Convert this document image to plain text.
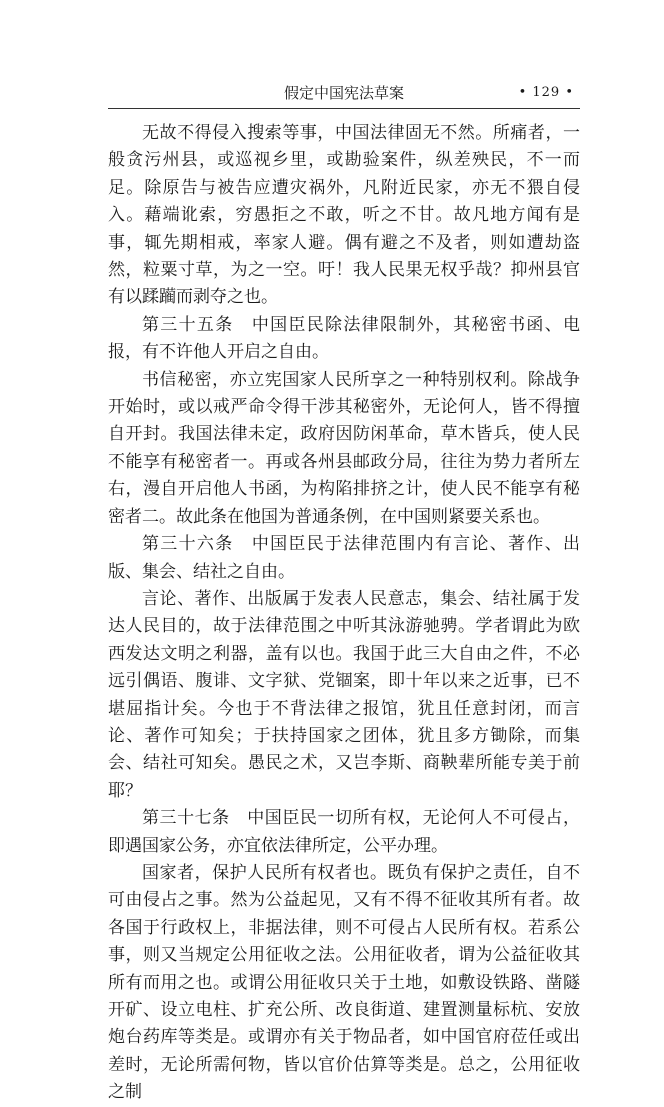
假定中国宪法草案	• 129 •

无故不得侵入搜索等事，中国法律固无不然。所痛者，一般贪污州县，或巡视乡里，或勘验案件，纵差殃民，不一而足。除原告与被告应遭灾祸外，凡附近民家，亦无不猥自侵入。藉端讹索，穷愚拒之不敢，听之不甘。故凡地方闻有是事，辄先期相戒，率家人避。偶有避之不及者，则如遭劫盗然，粒粟寸草，为之一空。吁！我人民果无权乎哉？抑州县官有以蹂躏而剥夺之也。

第三十五条　中国臣民除法律限制外，其秘密书函、电报，有不许他人开启之自由。

书信秘密，亦立宪国家人民所享之一种特别权利。除战争开始时，或以戒严命令得干涉其秘密外，无论何人，皆不得擅自开封。我国法律未定，政府因防闲革命，草木皆兵，使人民不能享有秘密者一。再或各州县邮政分局，往往为势力者所左右，漫自开启他人书函，为构陷排挤之计，使人民不能享有秘密者二。故此条在他国为普通条例，在中国则紧要关系也。

第三十六条　中国臣民于法律范围内有言论、著作、出版、集会、结社之自由。

言论、著作、出版属于发表人民意志，集会、结社属于发达人民目的，故于法律范围之中听其泳游驰骋。学者谓此为欧西发达文明之利器，盖有以也。我国于此三大自由之件，不必远引偶语、腹诽、文字狱、党锢案，即十年以来之近事，已不堪屈指计矣。今也于不背法律之报馆，犹且任意封闭，而言论、著作可知矣；于扶持国家之团体，犹且多方锄除，而集会、结社可知矣。愚民之术，又岂李斯、商鞅辈所能专美于前耶？

第三十七条　中国臣民一切所有权，无论何人不可侵占，即遇国家公务，亦宜依法律所定，公平办理。

国家者，保护人民所有权者也。既负有保护之责任，自不可由侵占之事。然为公益起见，又有不得不征收其所有者。故各国于行政权上，非据法律，则不可侵占人民所有权。若系公事，则又当规定公用征收之法。公用征收者，谓为公益征收其所有而用之也。或谓公用征收只关于土地，如敷设铁路、凿隧开矿、设立电柱、扩充公所、改良街道、建置测量标杭、安放炮台药库等类是。或谓亦有关于物品者，如中国官府莅任或出差时，无论所需何物，皆以官价估算等类是。总之，公用征收之制
